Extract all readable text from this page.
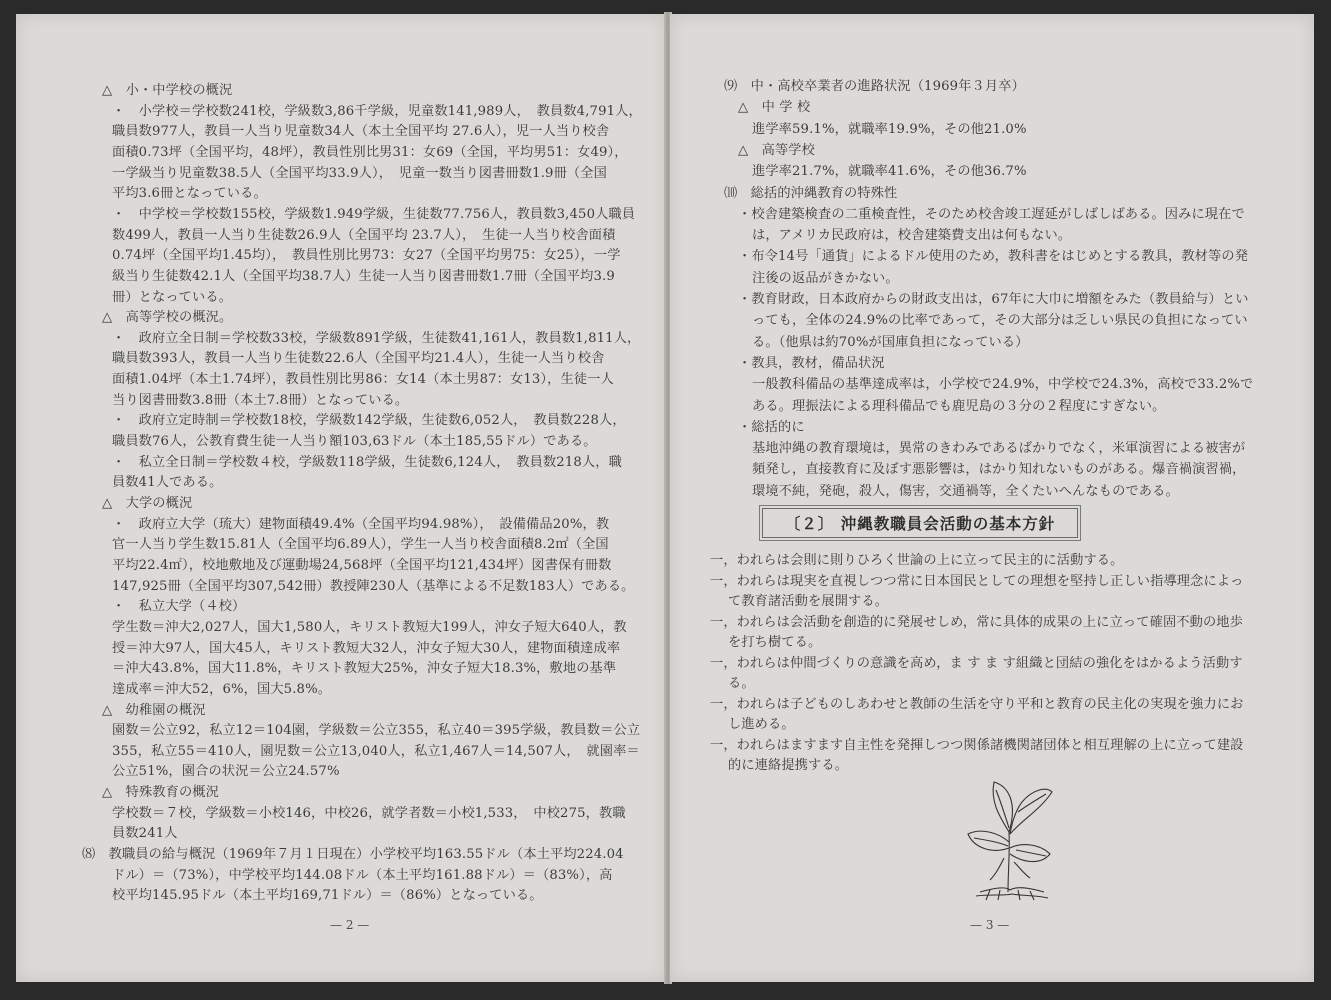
△　小・中学校の概況
・　小学校＝学校数241校，学級数3,86千学級，児童数141,989人，　教員数4,791人，
職員数977人，教員一人当り児童数34人（本土全国平均 27.6人），児一人当り校舎
面積0.73坪（全国平均，48坪），教員性別比男31：女69（全国，平均男51：女49），
一学級当り児童数38.5人（全国平均33.9人），　児童一数当り図書冊数1.9冊（全国
平均3.6冊となっている。
・　中学校＝学校数155校，学級数1.949学級，生徒数77.756人，教員数3,450人職員
数499人，教員一人当り生徒数26.9人（全国平均 23.7人），　生徒一人当り校舎面積
0.74坪（全国平均1.45均），　教員性別比男73：女27（全国平均男75：女25），一学
級当り生徒数42.1人（全国平均38.7人）生徒一人当り図書冊数1.7冊（全国平均3.9
冊）となっている。
△　高等学校の概況。
・　政府立全日制＝学校数33校，学級数891学級，生徒数41,161人，教員数1,811人，
職員数393人，教員一人当り生徒数22.6人（全国平均21.4人），生徒一人当り校舎
面積1.04坪（本土1.74坪），教員性別比男86：女14（本土男87：女13），生徒一人
当り図書冊数3.8冊（本土7.8冊）となっている。
・　政府立定時制＝学校数18校，学級数142学級，生徒数6,052人，　教員数228人，
職員数76人，公教育費生徒一人当り額103,63ドル（本土185,55ドル）である。
・　私立全日制＝学校数４校，学級数118学級，生徒数6,124人，　教員数218人，職
員数41人である。
△　大学の概況
・　政府立大学（琉大）建物面積49.4%（全国平均94.98%），　設備備品20%，教
官一人当り学生数15.81人（全国平均6.89人），学生一人当り校舎面積8.2㎡（全国
平均22.4㎡），校地敷地及び運動場24,568坪（全国平均121,434坪）図書保有冊数
147,925冊（全国平均307,542冊）教授陣230人（基準による不足数183人）である。
・　私立大学（４校）
学生数＝沖大2,027人，国大1,580人，キリスト教短大199人，沖女子短大640人，教
授＝沖大97人，国大45人，キリスト教短大32人，沖女子短大30人，建物面積達成率
＝沖大43.8%，国大11.8%，キリスト教短大25%，沖女子短大18.3%，敷地の基準
達成率＝沖大52，6%，国大5.8%。
△　幼稚園の概況
園数＝公立92，私立12＝104園，学級数＝公立355，私立40＝395学級，教員数＝公立
355，私立55＝410人，園児数＝公立13,040人，私立1,467人＝14,507人，　就園率＝
公立51%，園合の状況＝公立24.57%
△　特殊教育の概況
学校数＝７校，学級数＝小校146，中校26，就学者数＝小校1,533，　中校275，教職
員数241人
⑻　教職員の給与概況（1969年７月１日現在）小学校平均163.55ドル（本土平均224.04
ドル）＝（73%），中学校平均144.08ドル（本土平均161.88ドル）＝（83%），高
校平均145.95ドル（本土平均169,71ドル）＝（86%）となっている。
— 2 —
⑼　中・高校卒業者の進路状況（1969年３月卒）
△　中 学 校
進学率59.1%，就職率19.9%，その他21.0%
△　高等学校
進学率21.7%，就職率41.6%，その他36.7%
⑽　総括的沖縄教育の特殊性
・校舎建築検査の二重検査性，そのため校舎竣工遅延がしばしばある。因みに現在で
は，アメリカ民政府は，校舎建築費支出は何もない。
・布令14号「通貨」によるドル使用のため，教科書をはじめとする教具，教材等の発
注後の返品がきかない。
・教育財政，日本政府からの財政支出は，67年に大巾に増額をみた（教員給与）とい
っても，全体の24.9%の比率であって，その大部分は乏しい県民の負担になってい
る。（他県は約70%が国庫負担になっている）
・教具，教材，備品状況
一般教科備品の基準達成率は，小学校で24.9%，中学校で24.3%，高校で33.2%で
ある。理振法による理科備品でも鹿児島の３分の２程度にすぎない。
・総括的に
基地沖縄の教育環境は，異常のきわみであるばかりでなく，米軍演習による被害が
頻発し，直接教育に及ぼす悪影響は，はかり知れないものがある。爆音禍演習禍，
環境不純，発砲，殺人，傷害，交通禍等，全くたいへんなものである。
〔２〕 沖縄教職員会活動の基本方針
一，われらは会則に則りひろく世論の上に立って民主的に活動する。
一，われらは現実を直視しつつ常に日本国民としての理想を堅持し正しい指導理念によっ
て教育諸活動を展開する。
一，われらは会活動を創造的に発展せしめ，常に具体的成果の上に立って確固不動の地歩
を打ち樹てる。
一，われらは仲間づくりの意識を高め，ま す ま す組織と団結の強化をはかるよう活動す
る。
一，われらは子どものしあわせと教師の生活を守り平和と教育の民主化の実現を強力にお
し進める。
一，われらはますます自主性を発揮しつつ関係諸機関諸団体と相互理解の上に立って建設
的に連絡提携する。
— 3 —
